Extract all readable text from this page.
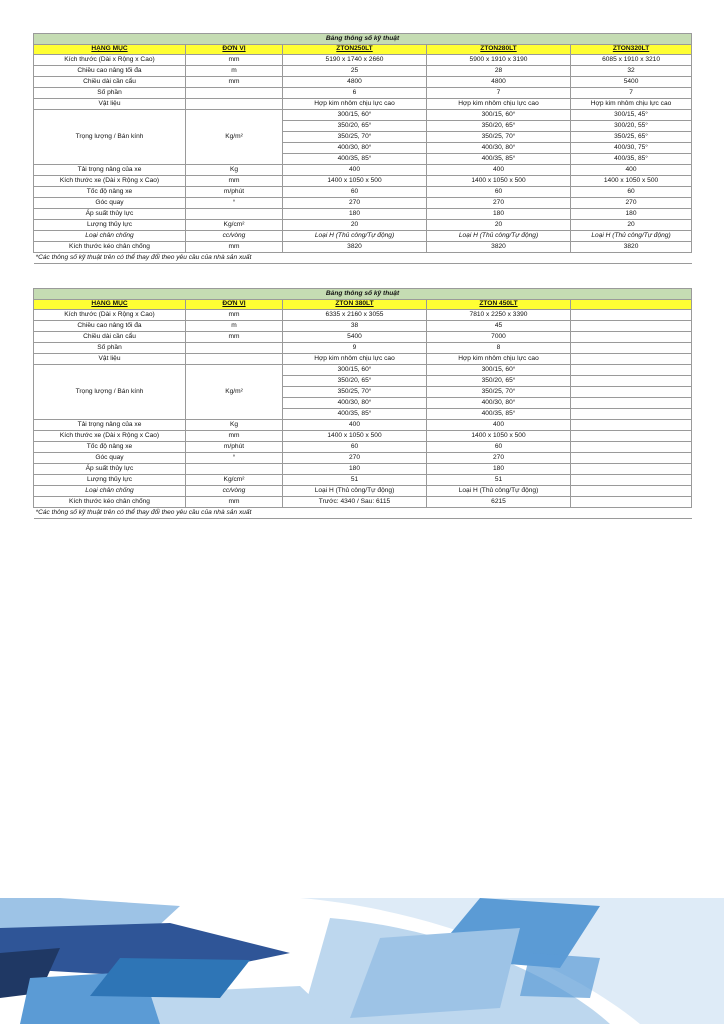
Bảng thông số kỹ thuật				
HẠNG MỤC	ĐƠN VỊ	ZTON250LT	ZTON280LT	ZTON320LT
Kích thước (Dài x Rộng x Cao)	mm	5190 x 1740 x 2660	5900 x 1910 x 3190	6085 x 1910 x 3210
Chiều cao nâng tối đa	m	25	28	32
Chiều dài cần cẩu	mm	4800	4800	5400
Số phần		6	7	7
Vật liệu		Hợp kim nhôm chịu lực cao	Hợp kim nhôm chịu lực cao	Hợp kim nhôm chịu lực cao
Trọng lượng / Bán kính	Kg/m²	300/15, 60°	300/15, 60°	300/15, 45°
		350/20, 65°	350/20, 65°	300/20, 55°
		350/25, 70°	350/25, 70°	350/25, 65°
		400/30, 80°	400/30, 80°	400/30, 75°
		400/35, 85°	400/35, 85°	400/35, 85°
Tải trọng nâng của xe	Kg	400	400	400
Kích thước xe (Dài x Rộng x Cao)	mm	1400 x 1050 x 500	1400 x 1050 x 500	1400 x 1050 x 500
Tốc độ nâng xe	m/phút	60	60	60
Góc quay	°	270	270	270
Áp suất thủy lực		180	180	180
Lượng thủy lực	Kg/cm²	20	20	20
Loại chân chống	cc/vòng	Loại H (Thủ công/Tự động)	Loại H (Thủ công/Tự động)	Loại H (Thủ công/Tự động)
Kích thước kéo chân chống	mm	3820	3820	3820
*Các thông số kỹ thuật trên có thể thay đổi theo yêu cầu của nhà sản xuất				
Bảng thông số kỹ thuật				
HẠNG MỤC	ĐƠN VỊ	ZTON 380LT	ZTON 450LT	
Kích thước (Dài x Rộng x Cao)	mm	6335 x 2160 x 3055	7810 x 2250 x 3390	
Chiều cao nâng tối đa	m	38	45	
Chiều dài cần cẩu	mm	5400	7000	
Số phần		9	8	
Vật liệu		Hợp kim nhôm chịu lực cao	Hợp kim nhôm chịu lực cao	
Trọng lượng / Bán kính	Kg/m²	300/15, 60°	300/15, 60°	
		350/20, 65°	350/20, 65°	
		350/25, 70°	350/25, 70°	
		400/30, 80°	400/30, 80°	
		400/35, 85°	400/35, 85°	
Tải trọng nâng của xe	Kg	400	400	
Kích thước xe (Dài x Rộng x Cao)	mm	1400 x 1050 x 500	1400 x 1050 x 500	
Tốc độ nâng xe	m/phút	60	60	
Góc quay	°	270	270	
Áp suất thủy lực		180	180	
Lượng thủy lực	Kg/cm²	51	51	
Loại chân chống	cc/vòng	Loại H (Thủ công/Tự động)	Loại H (Thủ công/Tự động)	
Kích thước kéo chân chống	mm	Trước: 4340 / Sau: 6115	6215	
*Các thông số kỹ thuật trên có thể thay đổi theo yêu cầu của nhà sản xuất				
